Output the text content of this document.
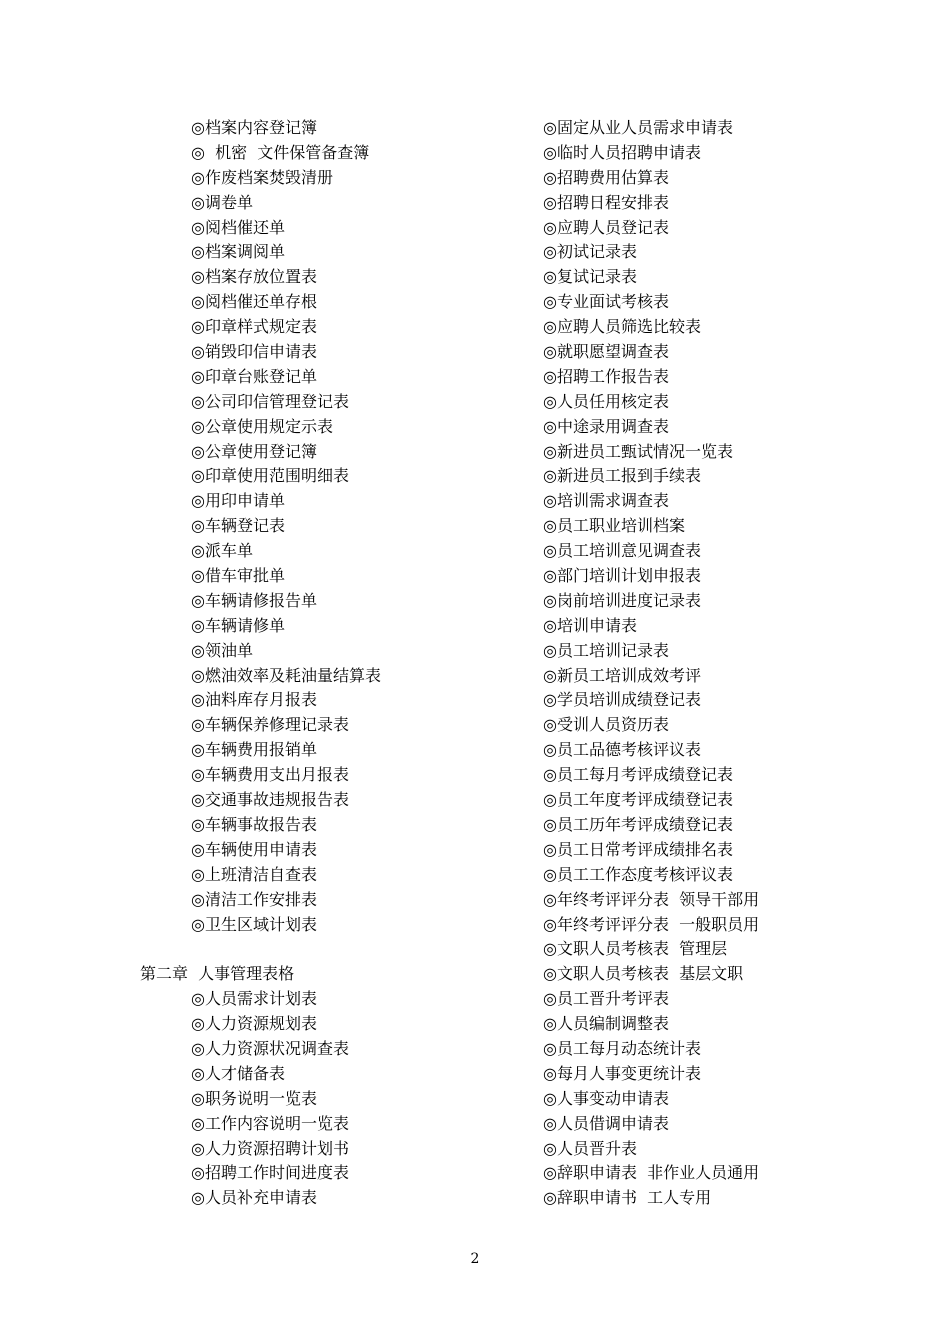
◎档案内容登记簿
◎  机密  文件保管备查簿
◎作废档案焚毁清册
◎调卷单
◎阅档催还单
◎档案调阅单
◎档案存放位置表
◎阅档催还单存根
◎印章样式规定表
◎销毁印信申请表
◎印章台账登记单
◎公司印信管理登记表
◎公章使用规定示表
◎公章使用登记簿
◎印章使用范围明细表
◎用印申请单
◎车辆登记表
◎派车单
◎借车审批单
◎车辆请修报告单
◎车辆请修单
◎领油单
◎燃油效率及耗油量结算表
◎油料库存月报表
◎车辆保养修理记录表
◎车辆费用报销单
◎车辆费用支出月报表
◎交通事故违规报告表
◎车辆事故报告表
◎车辆使用申请表
◎上班清洁自查表
◎清洁工作安排表
◎卫生区域计划表
第二章  人事管理表格
◎人员需求计划表
◎人力资源规划表
◎人力资源状况调查表
◎人才储备表
◎职务说明一览表
◎工作内容说明一览表
◎人力资源招聘计划书
◎招聘工作时间进度表
◎人员补充申请表
◎固定从业人员需求申请表
◎临时人员招聘申请表
◎招聘费用估算表
◎招聘日程安排表
◎应聘人员登记表
◎初试记录表
◎复试记录表
◎专业面试考核表
◎应聘人员筛选比较表
◎就职愿望调查表
◎招聘工作报告表
◎人员任用核定表
◎中途录用调查表
◎新进员工甄试情况一览表
◎新进员工报到手续表
◎培训需求调查表
◎员工职业培训档案
◎员工培训意见调查表
◎部门培训计划申报表
◎岗前培训进度记录表
◎培训申请表
◎员工培训记录表
◎新员工培训成效考评
◎学员培训成绩登记表
◎受训人员资历表
◎员工品德考核评议表
◎员工每月考评成绩登记表
◎员工年度考评成绩登记表
◎员工历年考评成绩登记表
◎员工日常考评成绩排名表
◎员工工作态度考核评议表
◎年终考评评分表  领导干部用
◎年终考评评分表  一般职员用
◎文职人员考核表  管理层
◎文职人员考核表  基层文职
◎员工晋升考评表
◎人员编制调整表
◎员工每月动态统计表
◎每月人事变更统计表
◎人事变动申请表
◎人员借调申请表
◎人员晋升表
◎辞职申请表  非作业人员通用
◎辞职申请书  工人专用
2
